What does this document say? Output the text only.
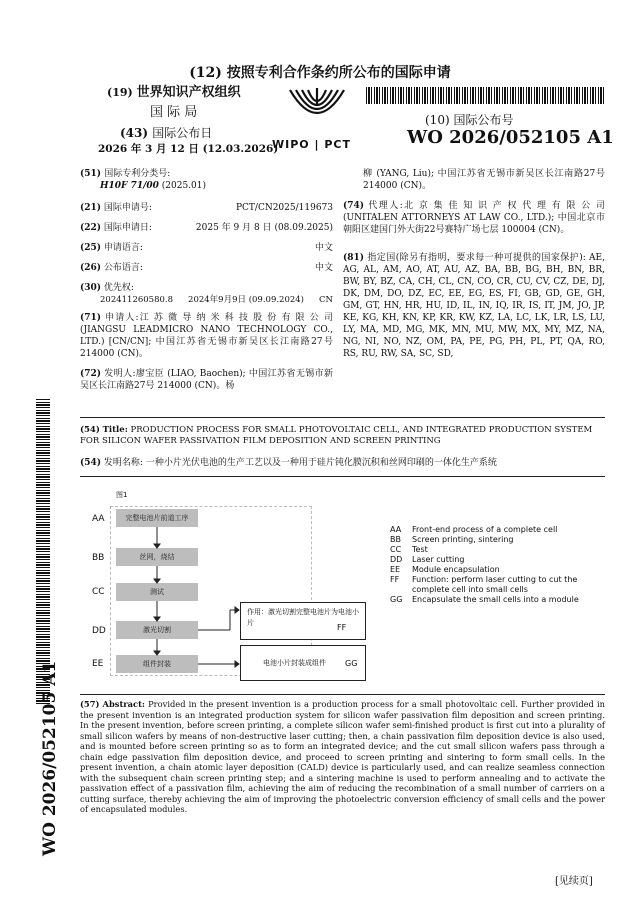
(12) 按照专利合作条约所公布的国际申请
(19) 世界知识产权组织
国 际 局
(43) 国际公布日
2026 年 3 月 12 日 (12.03.2026)
WIPO | PCT
(10) 国际公布号
WO 2026/052105 A1
(51) 国际专利分类号:
H10F 71/00 (2025.01)
(21) 国际申请号:	PCT/CN2025/119673
(22) 国际申请日:	2025 年 9 月 8 日 (08.09.2025)
(25) 申请语言:	中文
(26) 公布语言:	中文
(30) 优先权:
202411260580.8 2024年9月9日 (09.09.2024) CN
(71) 申请人:江 苏 微 导 纳 米 科 技 股 份 有 限 公 司 (JIANGSU LEADMICRO NANO TECHNOLOGY CO., LTD.) [CN/CN]; 中国江苏省无锡市新吴区长江南路27号 214000 (CN)。
(72) 发明人:廖宝臣 (LIAO, Baochen); 中国江苏省无锡市新吴区长江南路27号 214000 (CN)。杨
柳 (YANG, Liu); 中国江苏省无锡市新吴区长江南路27号 214000 (CN)。
(74) 代理人:北 京 集 佳 知 识 产 权 代 理 有 限 公 司 (UNITALEN ATTORNEYS AT LAW CO., LTD.); 中国北京市朝阳区建国门外大街22号赛特广场七层 100004 (CN)。
(81) 指定国(除另有指明，要求每一种可提供的国家保护): AE, AG, AL, AM, AO, AT, AU, AZ, BA, BB, BG, BH, BN, BR, BW, BY, BZ, CA, CH, CL, CN, CO, CR, CU, CV, CZ, DE, DJ, DK, DM, DO, DZ, EC, EE, EG, ES, FI, GB, GD, GE, GH, GM, GT, HN, HR, HU, ID, IL, IN, IQ, IR, IS, IT, JM, JO, JP, KE, KG, KH, KN, KP, KR, KW, KZ, LA, LC, LK, LR, LS, LU, LY, MA, MD, MG, MK, MN, MU, MW, MX, MY, MZ, NA, NG, NI, NO, NZ, OM, PA, PE, PG, PH, PL, PT, QA, RO, RS, RU, RW, SA, SC, SD,
WO 2026/052105 A1
(54) Title: PRODUCTION PROCESS FOR SMALL PHOTOVOLTAIC CELL, AND INTEGRATED PRODUCTION SYSTEM FOR SILICON WAFER PASSIVATION FILM DEPOSITION AND SCREEN PRINTING
(54) 发明名称: 一种小片光伏电池的生产工艺以及一种用于硅片钝化膜沉积和丝网印刷的一体化生产系统
图1
AA	完整电池片前道工序
BB	丝网，烧结
CC	测试
DD	激光切割
EE	组件封装
作用：激光切割完整电池片为电池小片	FF
电池小片封装成组件 GG
AA Front-end process of a complete cell
BB Screen printing, sintering
CC Test
DD Laser cutting
EE Module encapsulation
FF Function: perform laser cutting to cut the
complete cell into small cells
GG Encapsulate the small cells into a module
(57) Abstract: Provided in the present invention is a production process for a small photovoltaic cell. Further provided in the present invention is an integrated production system for silicon wafer passivation film deposition and screen printing. In the present invention, before screen printing, a complete silicon wafer semi-finished product is first cut into a plurality of small silicon wafers by means of non-destructive laser cutting; then, a chain passivation film deposition device is also used, and is mounted before screen printing so as to form an integrated device; and the cut small silicon wafers pass through a chain edge passivation film deposition device, and proceed to screen printing and sintering to form small cells. In the present invention, a chain atomic layer deposition (CALD) device is particularly used, and can realize seamless connection with the subsequent chain screen printing step; and a sintering machine is used to perform annealing and to activate the passivation effect of a passivation film, achieving the aim of reducing the recombination of a small number of carriers on a cutting surface, thereby achieving the aim of improving the photoelectric conversion efficiency of small cells and the power of encapsulated modules.
[见续页]
